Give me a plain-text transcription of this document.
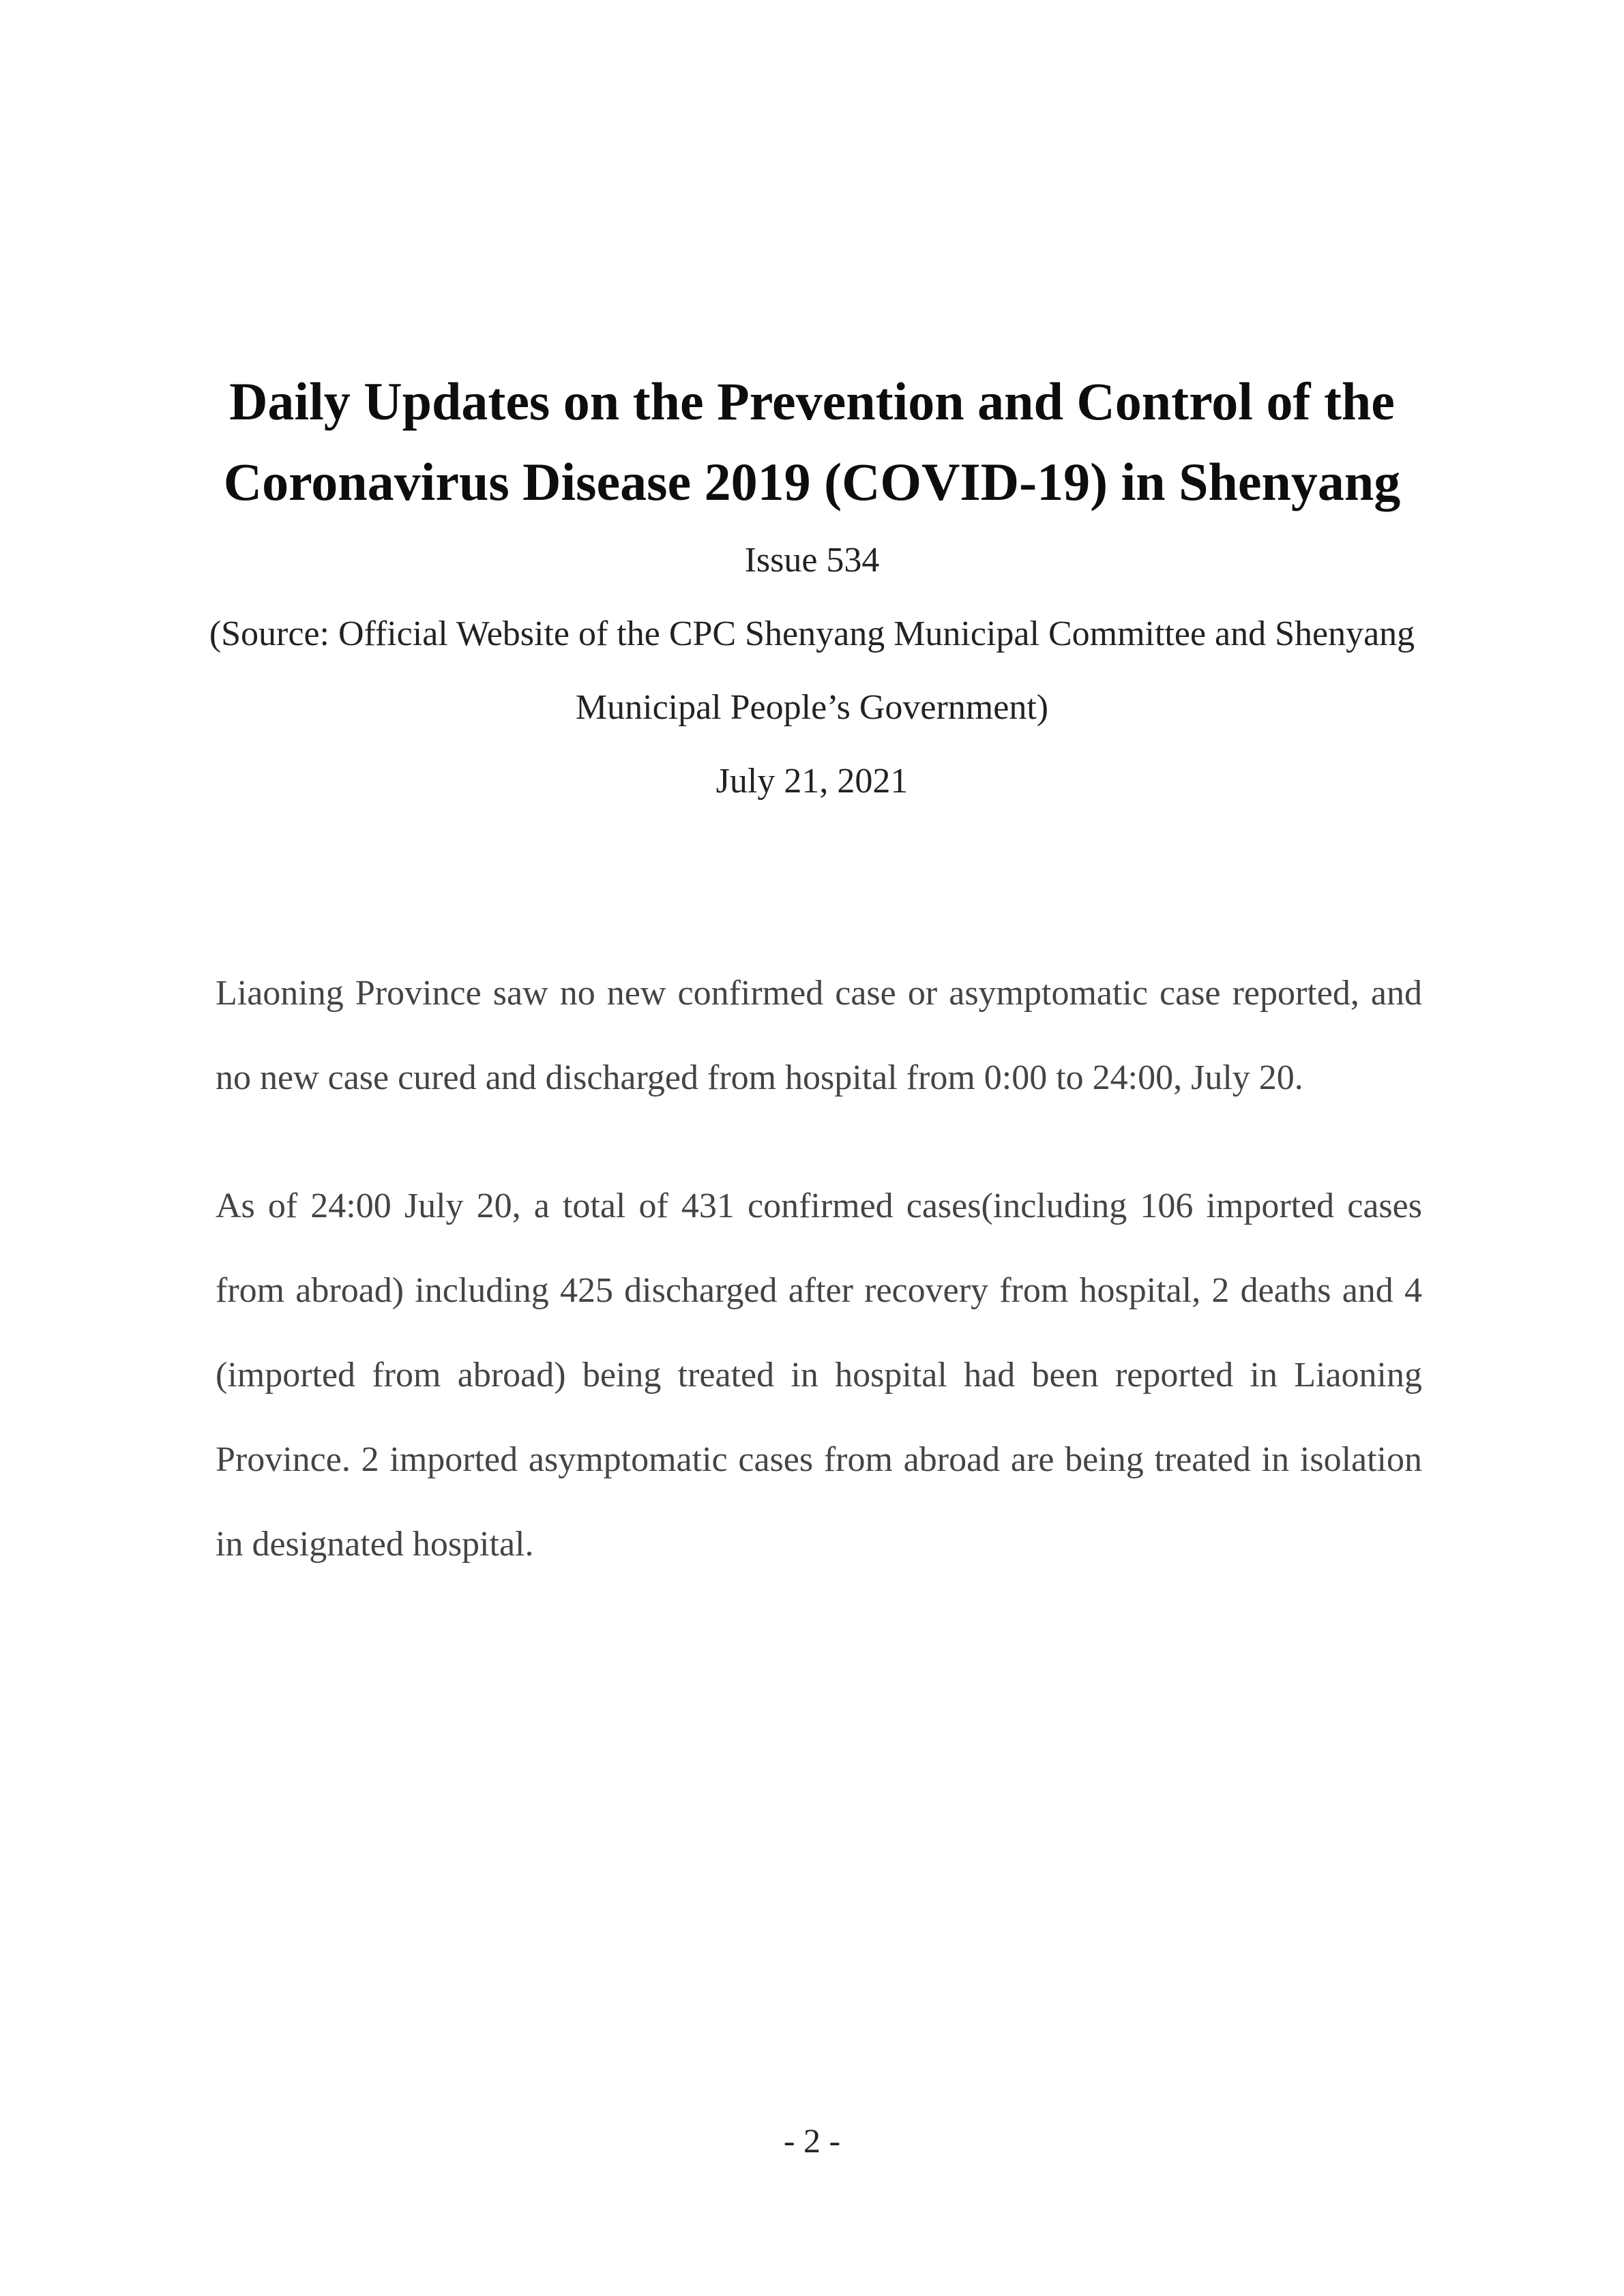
Daily Updates on the Prevention and Control of the Coronavirus Disease 2019 (COVID-19) in Shenyang

Issue 534

(Source: Official Website of the CPC Shenyang Municipal Committee and Shenyang Municipal People’s Government)

July 21, 2021

Liaoning Province saw no new confirmed case or asymptomatic case reported, and no new case cured and discharged from hospital from 0:00 to 24:00, July 20.

As of 24:00 July 20, a total of 431 confirmed cases(including 106 imported cases from abroad) including 425 discharged after recovery from hospital, 2 deaths and 4 (imported from abroad) being treated in hospital had been reported in Liaoning Province. 2 imported asymptomatic cases from abroad are being treated in isolation in designated hospital.

- 2 -
